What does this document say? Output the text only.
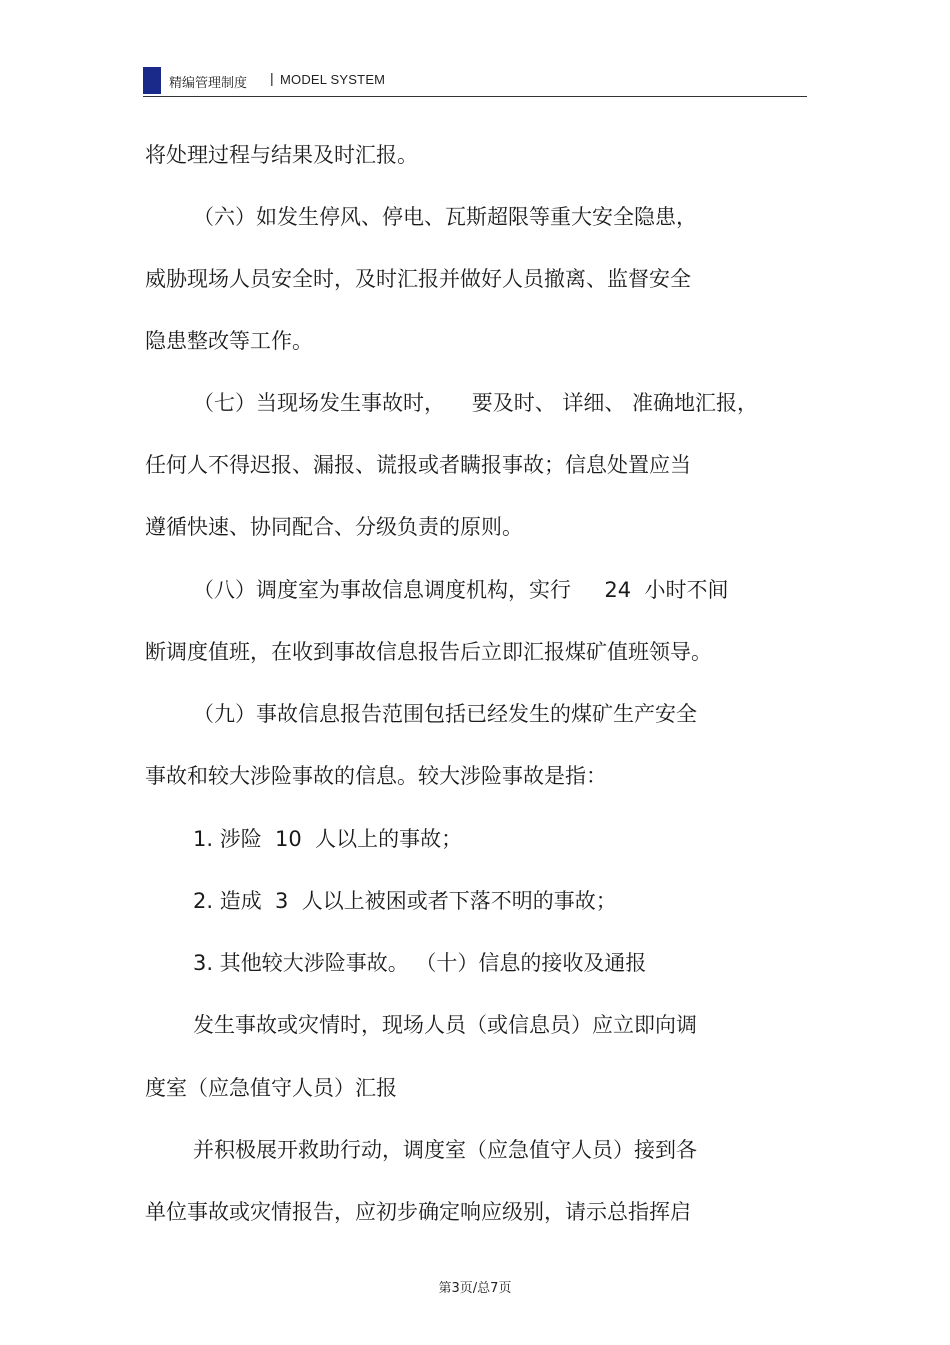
精编管理制度 | MODEL SYSTEM
将处理过程与结果及时汇报。
（六）如发生停风、停电、瓦斯超限等重大安全隐患，
威胁现场人员安全时，及时汇报并做好人员撤离、监督安全
隐患整改等工作。
（七）当现场发生事故时，    要及时、 详细、 准确地汇报，
任何人不得迟报、漏报、谎报或者瞒报事故；信息处置应当
遵循快速、协同配合、分级负责的原则。
（八）调度室为事故信息调度机构，实行     24  小时不间
断调度值班，在收到事故信息报告后立即汇报煤矿值班领导。
（九）事故信息报告范围包括已经发生的煤矿生产安全
事故和较大涉险事故的信息。较大涉险事故是指：
1. 涉险  10  人以上的事故；
2. 造成  3  人以上被困或者下落不明的事故；
3. 其他较大涉险事故。 （十）信息的接收及通报
发生事故或灾情时，现场人员（或信息员）应立即向调
度室（应急值守人员）汇报
并积极展开救助行动，调度室（应急值守人员）接到各
单位事故或灾情报告，应初步确定响应级别，请示总指挥启
第3页/总7页
